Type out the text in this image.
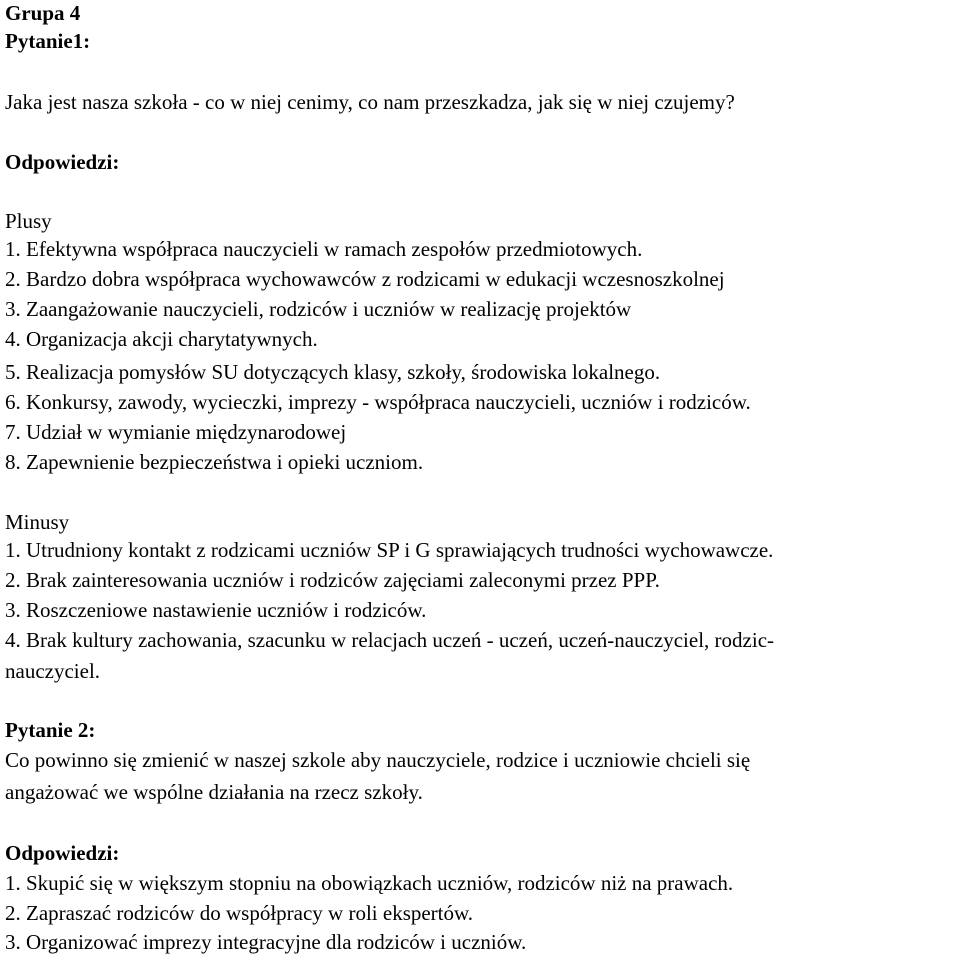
Grupa 4
Pytanie1:
Jaka jest nasza szkoła - co w niej cenimy, co nam przeszkadza, jak się w niej czujemy?
Odpowiedzi:
Plusy
1. Efektywna współpraca nauczycieli w ramach zespołów przedmiotowych.
2. Bardzo dobra współpraca wychowawców z rodzicami w edukacji wczesnoszkolnej
3. Zaangażowanie nauczycieli, rodziców i uczniów w realizację projektów
4. Organizacja akcji charytatywnych.
5. Realizacja pomysłów SU dotyczących klasy, szkoły, środowiska lokalnego.
6. Konkursy, zawody, wycieczki, imprezy - współpraca nauczycieli, uczniów i rodziców.
7. Udział w wymianie międzynarodowej
8. Zapewnienie bezpieczeństwa i opieki uczniom.
Minusy
1. Utrudniony kontakt z rodzicami uczniów SP i G sprawiających trudności wychowawcze.
2. Brak zainteresowania uczniów i rodziców zajęciami zaleconymi przez PPP.
3. Roszczeniowe nastawienie uczniów i rodziców.
4. Brak kultury zachowania, szacunku w relacjach uczeń - uczeń, uczeń-nauczyciel, rodzic-
nauczyciel.
Pytanie 2:
Co powinno się zmienić w naszej szkole aby nauczyciele, rodzice i uczniowie chcieli się
angażować we wspólne działania na rzecz szkoły.
Odpowiedzi:
1. Skupić się w większym stopniu na obowiązkach uczniów, rodziców niż na prawach.
2. Zapraszać rodziców do współpracy w roli ekspertów.
3. Organizować imprezy integracyjne dla rodziców i uczniów.
